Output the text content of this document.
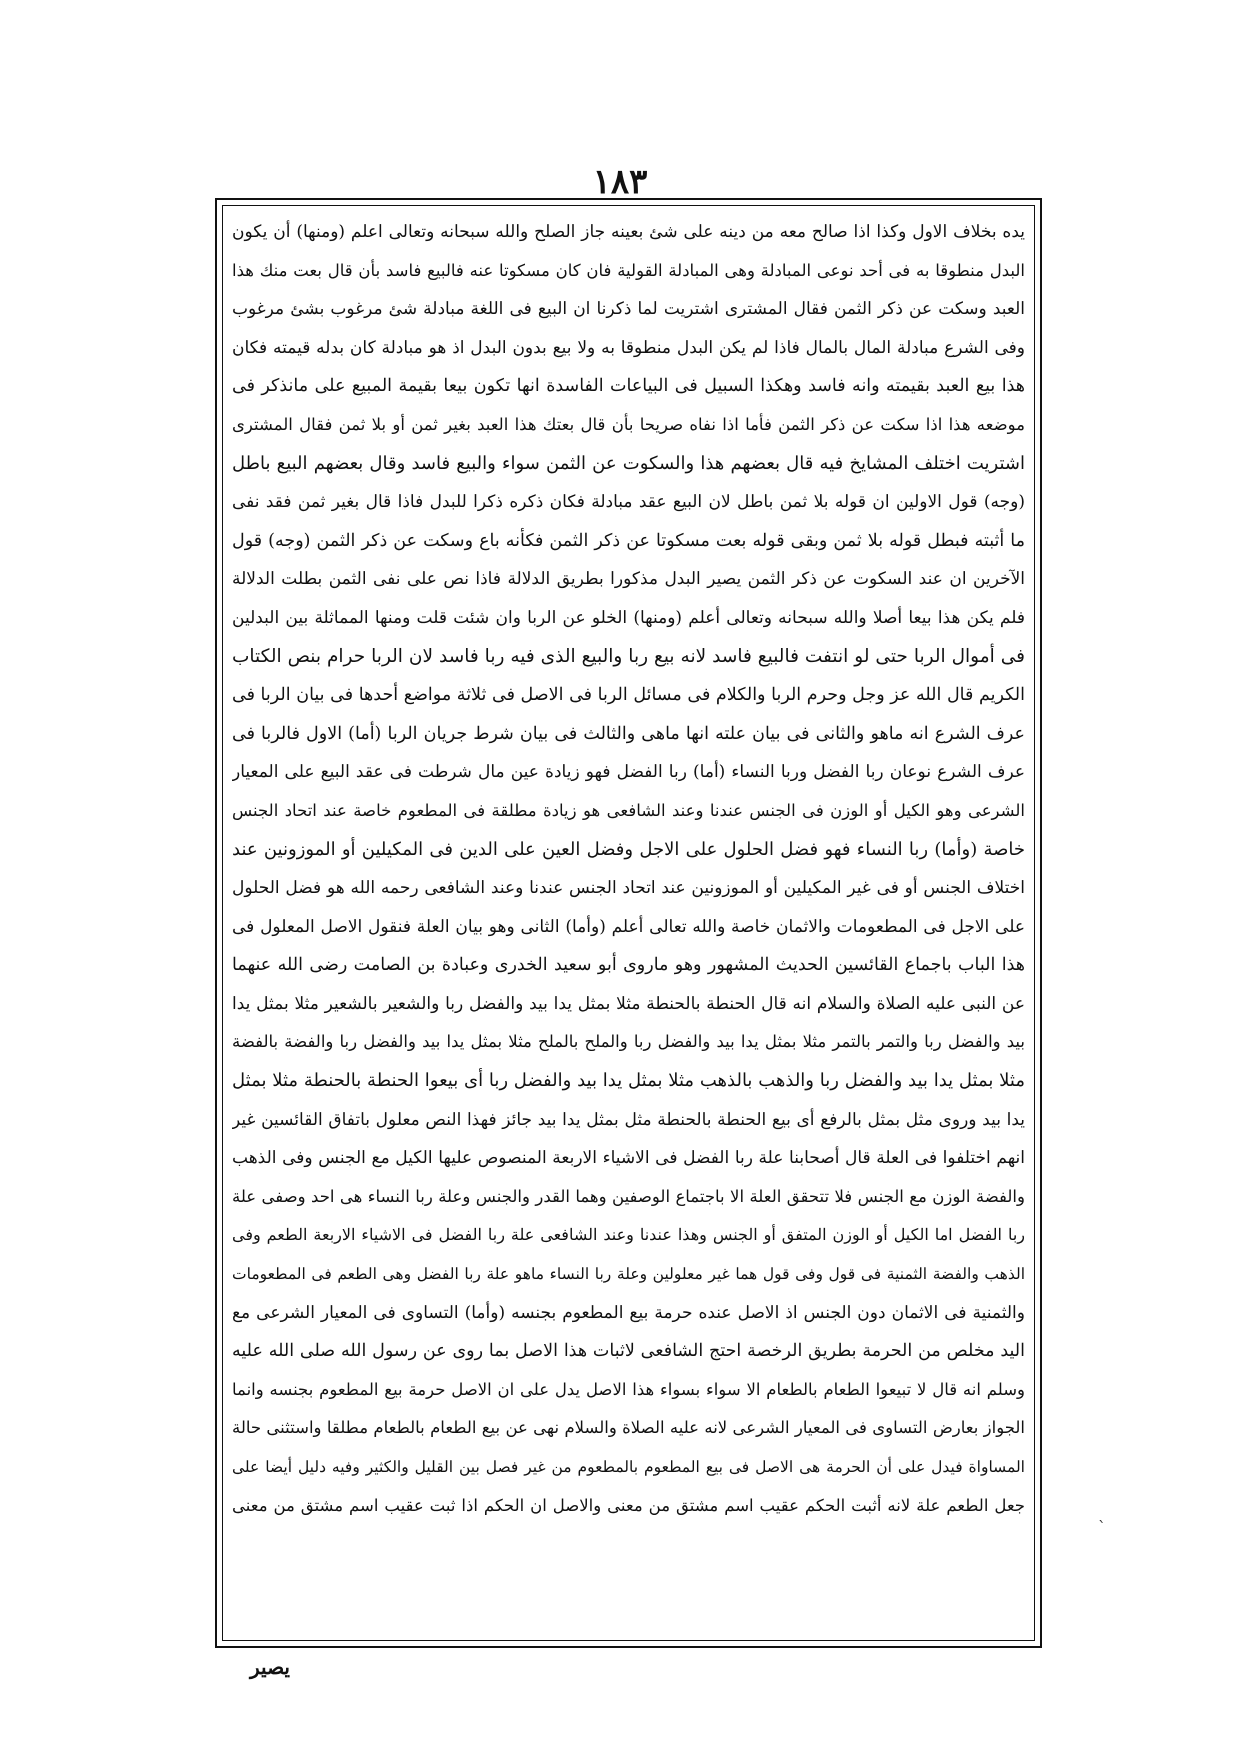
١٨٣
يده بخلاف الاول وكذا اذا صالح معه من دينه على شئ بعينه جاز الصلح والله سبحانه وتعالى اعلم (ومنها) أن يكون
البدل منطوقا به فى أحد نوعى المبادلة وهى المبادلة القولية فان كان مسكوتا عنه فالبيع فاسد بأن قال بعت منك هذا
العبد وسكت عن ذكر الثمن فقال المشترى اشتريت لما ذكرنا ان البيع فى اللغة مبادلة شئ مرغوب بشئ مرغوب
وفى الشرع مبادلة المال بالمال فاذا لم يكن البدل منطوقا به ولا بيع بدون البدل اذ هو مبادلة كان بدله قيمته فكان
هذا بيع العبد بقيمته وانه فاسد وهكذا السبيل فى البياعات الفاسدة انها تكون بيعا بقيمة المبيع على مانذكر فى
موضعه هذا اذا سكت عن ذكر الثمن فأما اذا نفاه صريحا بأن قال بعتك هذا العبد بغير ثمن أو بلا ثمن فقال المشترى
اشتريت اختلف المشايخ فيه قال بعضهم هذا والسكوت عن الثمن سواء والبيع فاسد وقال بعضهم البيع باطل
(وجه) قول الاولين ان قوله بلا ثمن باطل لان البيع عقد مبادلة فكان ذكره ذكرا للبدل فاذا قال بغير ثمن فقد نفى
ما أثبته فبطل قوله بلا ثمن وبقى قوله بعت مسكوتا عن ذكر الثمن فكأنه باع وسكت عن ذكر الثمن (وجه) قول
الآخرين ان عند السكوت عن ذكر الثمن يصير البدل مذكورا بطريق الدلالة فاذا نص على نفى الثمن بطلت الدلالة
فلم يكن هذا بيعا أصلا والله سبحانه وتعالى أعلم (ومنها) الخلو عن الربا وان شئت قلت ومنها المماثلة بين البدلين
فى أموال الربا حتى لو انتفت فالبيع فاسد لانه بيع ربا والبيع الذى فيه ربا فاسد لان الربا حرام بنص الكتاب
الكريم قال الله عز وجل وحرم الربا والكلام فى مسائل الربا فى الاصل فى ثلاثة مواضع أحدها فى بيان الربا فى
عرف الشرع انه ماهو والثانى فى بيان علته انها ماهى والثالث فى بيان شرط جريان الربا (أما) الاول فالربا فى
عرف الشرع نوعان ربا الفضل وربا النساء (أما) ربا الفضل فهو زيادة عين مال شرطت فى عقد البيع على المعيار
الشرعى وهو الكيل أو الوزن فى الجنس عندنا وعند الشافعى هو زيادة مطلقة فى المطعوم خاصة عند اتحاد الجنس
خاصة (وأما) ربا النساء فهو فضل الحلول على الاجل وفضل العين على الدين فى المكيلين أو الموزونين عند
اختلاف الجنس أو فى غير المكيلين أو الموزونين عند اتحاد الجنس عندنا وعند الشافعى رحمه الله هو فضل الحلول
على الاجل فى المطعومات والاثمان خاصة والله تعالى أعلم (وأما) الثانى وهو بيان العلة فنقول الاصل المعلول فى
هذا الباب باجماع القائسين الحديث المشهور وهو ماروى أبو سعيد الخدرى وعبادة بن الصامت رضى الله عنهما
عن النبى عليه الصلاة والسلام انه قال الحنطة بالحنطة مثلا بمثل يدا بيد والفضل ربا والشعير بالشعير مثلا بمثل يدا
بيد والفضل ربا والتمر بالتمر مثلا بمثل يدا بيد والفضل ربا والملح بالملح مثلا بمثل يدا بيد والفضل ربا والفضة بالفضة
مثلا بمثل يدا بيد والفضل ربا والذهب بالذهب مثلا بمثل يدا بيد والفضل ربا أى بيعوا الحنطة بالحنطة مثلا بمثل
يدا بيد وروى مثل بمثل بالرفع أى بيع الحنطة بالحنطة مثل بمثل يدا بيد جائز فهذا النص معلول باتفاق القائسين غير
انهم اختلفوا فى العلة قال أصحابنا علة ربا الفضل فى الاشياء الاربعة المنصوص عليها الكيل مع الجنس وفى الذهب
والفضة الوزن مع الجنس فلا تتحقق العلة الا باجتماع الوصفين وهما القدر والجنس وعلة ربا النساء هى احد وصفى علة
ربا الفضل اما الكيل أو الوزن المتفق أو الجنس وهذا عندنا وعند الشافعى علة ربا الفضل فى الاشياء الاربعة الطعم وفى
الذهب والفضة الثمنية فى قول وفى قول هما غير معلولين وعلة ربا النساء ماهو علة ربا الفضل وهى الطعم فى المطعومات
والثمنية فى الاثمان دون الجنس اذ الاصل عنده حرمة بيع المطعوم بجنسه (وأما) التساوى فى المعيار الشرعى مع
اليد مخلص من الحرمة بطريق الرخصة احتج الشافعى لاثبات هذا الاصل بما روى عن رسول الله صلى الله عليه
وسلم انه قال لا تبيعوا الطعام بالطعام الا سواء بسواء هذا الاصل يدل على ان الاصل حرمة بيع المطعوم بجنسه وانما
الجواز بعارض التساوى فى المعيار الشرعى لانه عليه الصلاة والسلام نهى عن بيع الطعام بالطعام مطلقا واستثنى حالة
المساواة فيدل على أن الحرمة هى الاصل فى بيع المطعوم بالمطعوم من غير فصل بين القليل والكثير وفيه دليل أيضا على
جعل الطعم علة لانه أثبت الحكم عقيب اسم مشتق من معنى والاصل ان الحكم اذا ثبت عقيب اسم مشتق من معنى
يصير
ˋ
